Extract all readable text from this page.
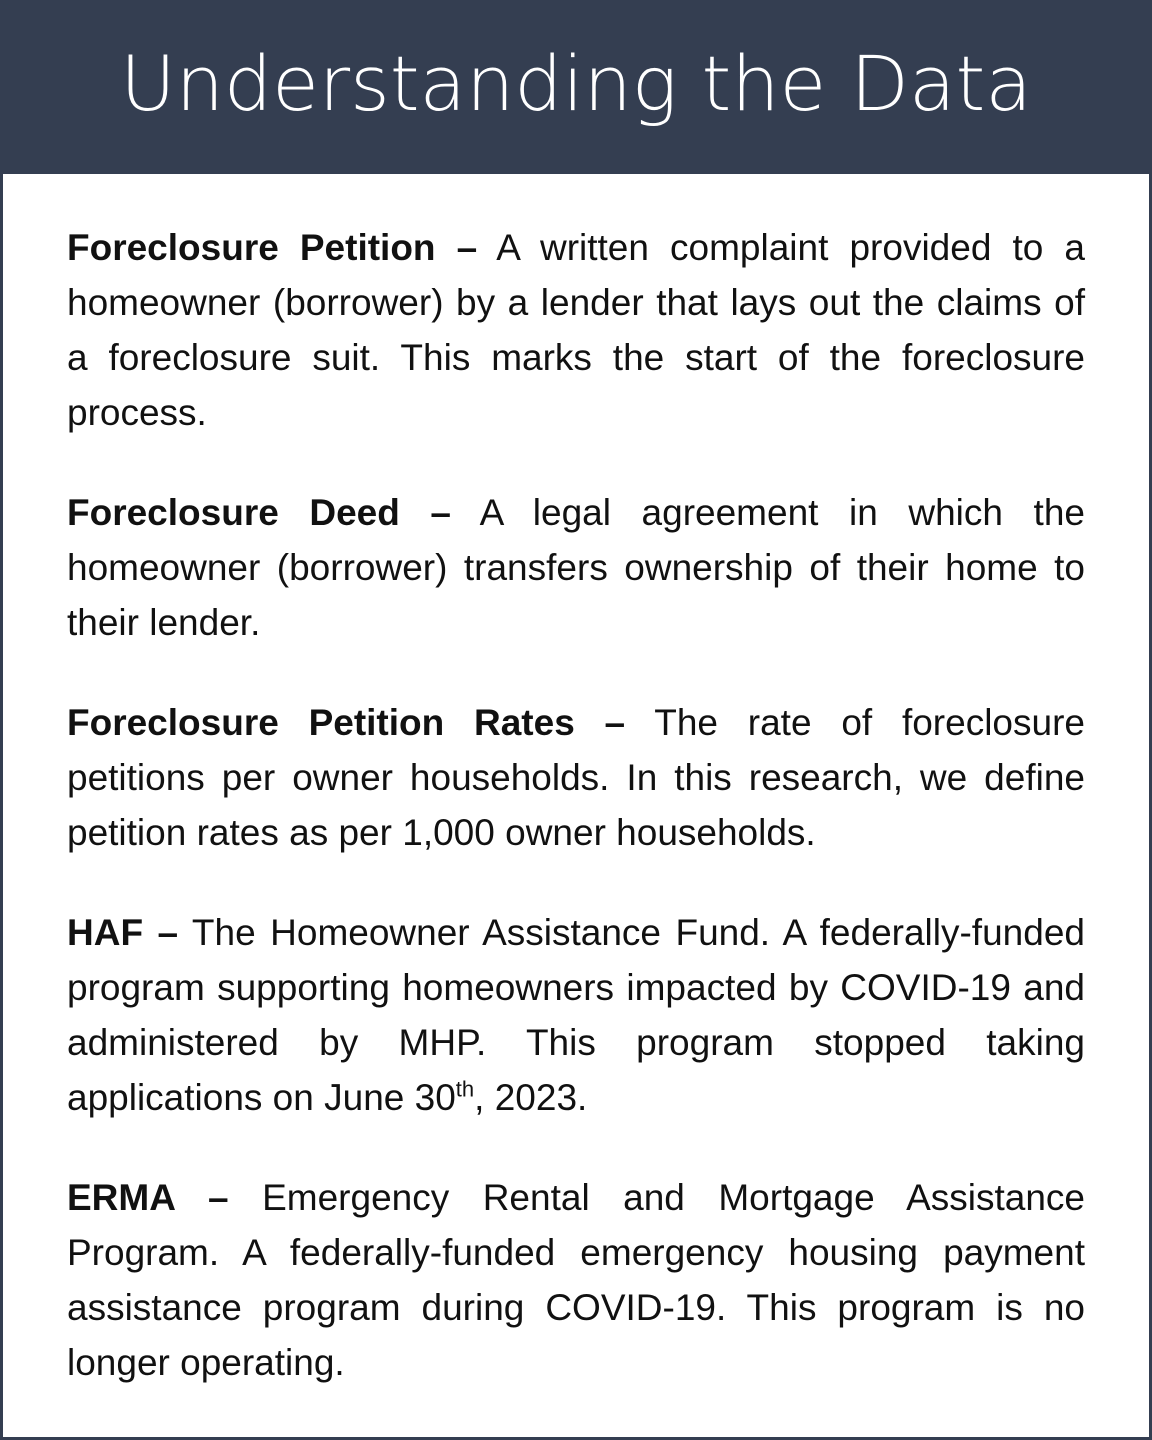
Understanding the Data

Foreclosure Petition – A written complaint provided to a homeowner (borrower) by a lender that lays out the claims of a foreclosure suit. This marks the start of the foreclosure process.

Foreclosure Deed – A legal agreement in which the homeowner (borrower) transfers ownership of their home to their lender.

Foreclosure Petition Rates – The rate of foreclosure petitions per owner households. In this research, we define petition rates as per 1,000 owner households.

HAF – The Homeowner Assistance Fund. A federally-funded program supporting homeowners impacted by COVID-19 and administered by MHP. This program stopped taking applications on June 30th, 2023.

ERMA – Emergency Rental and Mortgage Assistance Program. A federally-funded emergency housing payment assistance program during COVID-19. This program is no longer operating.
